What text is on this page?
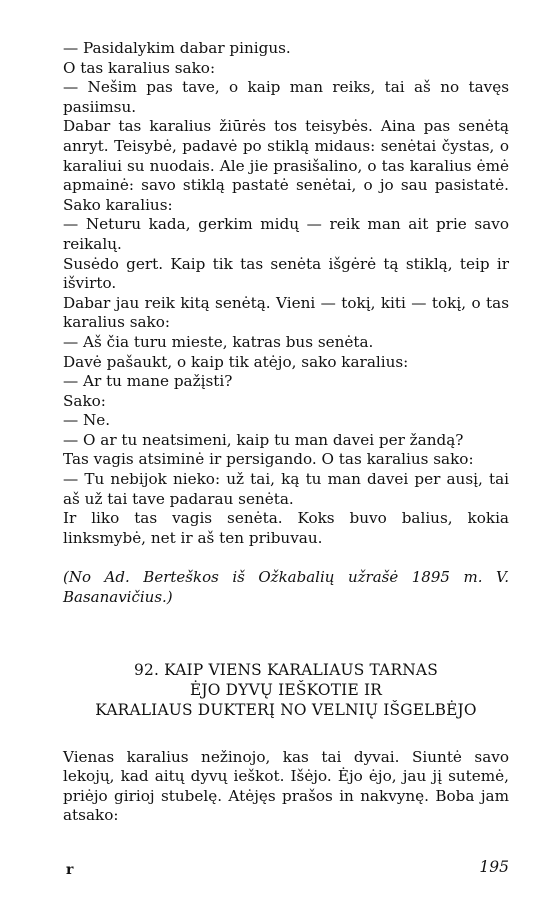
— Pasidalykim dabar pinigus.

O tas karalius sako:

— Nešim pas tave, o kaip man reiks, tai aš no tavęs pasiimsu.

Dabar tas karalius žiūrės tos teisybės. Aina pas senėtą anryt. Teisybė, padavė po stiklą midaus: senėtai čystas, o karaliui su nuodais. Ale jie prasišalino, o tas karalius ėmė apmainė: savo stiklą pastatė senėtai, o jo sau pasistatė. Sako karalius:

— Neturu kada, gerkim midų — reik man ait prie savo reikalų.

Susėdo gert. Kaip tik tas senėta išgėrė tą stiklą, teip ir išvirto.

Dabar jau reik kitą senėtą. Vieni — tokį, kiti — tokį, o tas karalius sako:

— Aš čia turu mieste, katras bus senėta.

Davė pašaukt, o kaip tik atėjo, sako karalius:

— Ar tu mane pažįsti?

Sako:

— Ne.

— O ar tu neatsimeni, kaip tu man davei per žandą?

Tas vagis atsiminė ir persigando. O tas karalius sako:

— Tu nebijok nieko: už tai, ką tu man davei per ausį, tai aš už tai tave padarau senėta.

Ir liko tas vagis senėta. Koks buvo balius, kokia linksmybė, net ir aš ten pribuvau.

(No Ad. Berteškos iš Ožkabalių užrašė 1895 m. V. Basanavičius.)

92. KAIP VIENS KARALIAUS TARNAS
ĖJO DYVŲ IEŠKOTIE IR
KARALIAUS DUKTERĮ NO VELNIŲ IŠGELBĖJO

Vienas karalius nežinojo, kas tai dyvai. Siuntė savo lekojų, kad aitų dyvų ieškot. Išėjo. Ėjo ėjo, jau jį sutemė, priėjo girioj stubelę. Atėjęs prašos in nakvynę. Boba jam atsako:

r	195
